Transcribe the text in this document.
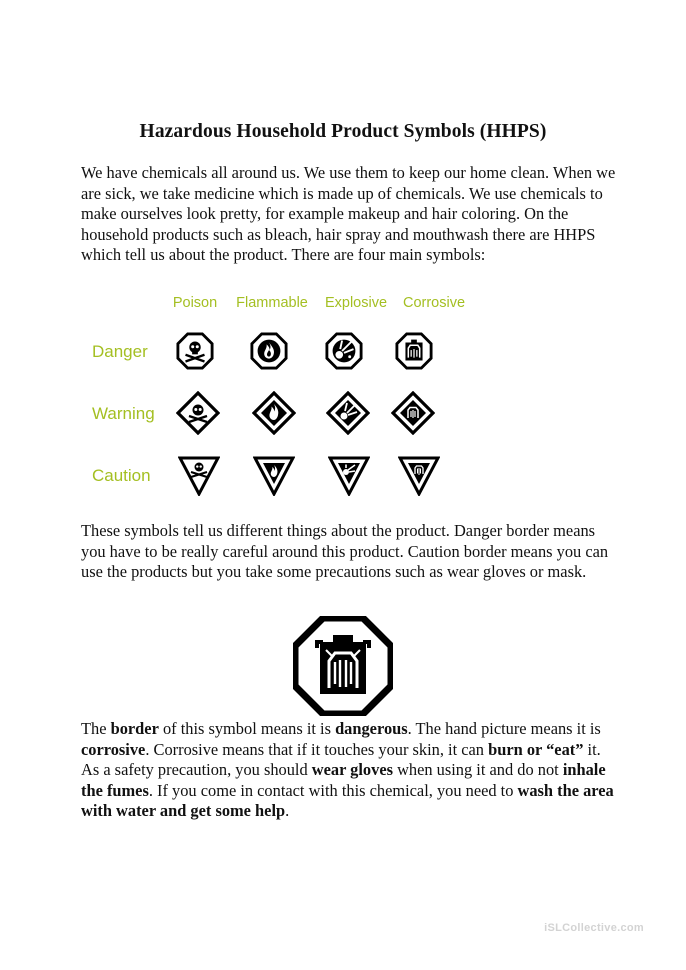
Hazardous Household Product Symbols (HHPS)

We have chemicals all around us. We use them to keep our home clean. When we are sick, we take medicine which is made up of chemicals. We use chemicals to make ourselves look pretty, for example makeup and hair coloring. On the household products such as bleach, hair spray and mouthwash there are HHPS which tell us about the product. There are four main symbols:

Poison Flammable Explosive Corrosive
Danger
Warning
Caution

These symbols tell us different things about the product. Danger border means you have to be really careful around this product. Caution border means you can use the products but you take some precautions such as wear gloves or mask.

The border of this symbol means it is dangerous. The hand picture means it is corrosive. Corrosive means that if it touches your skin, it can burn or “eat” it. As a safety precaution, you should wear gloves when using it and do not inhale the fumes. If you come in contact with this chemical, you need to wash the area with water and get some help.

iSLCollective.com
